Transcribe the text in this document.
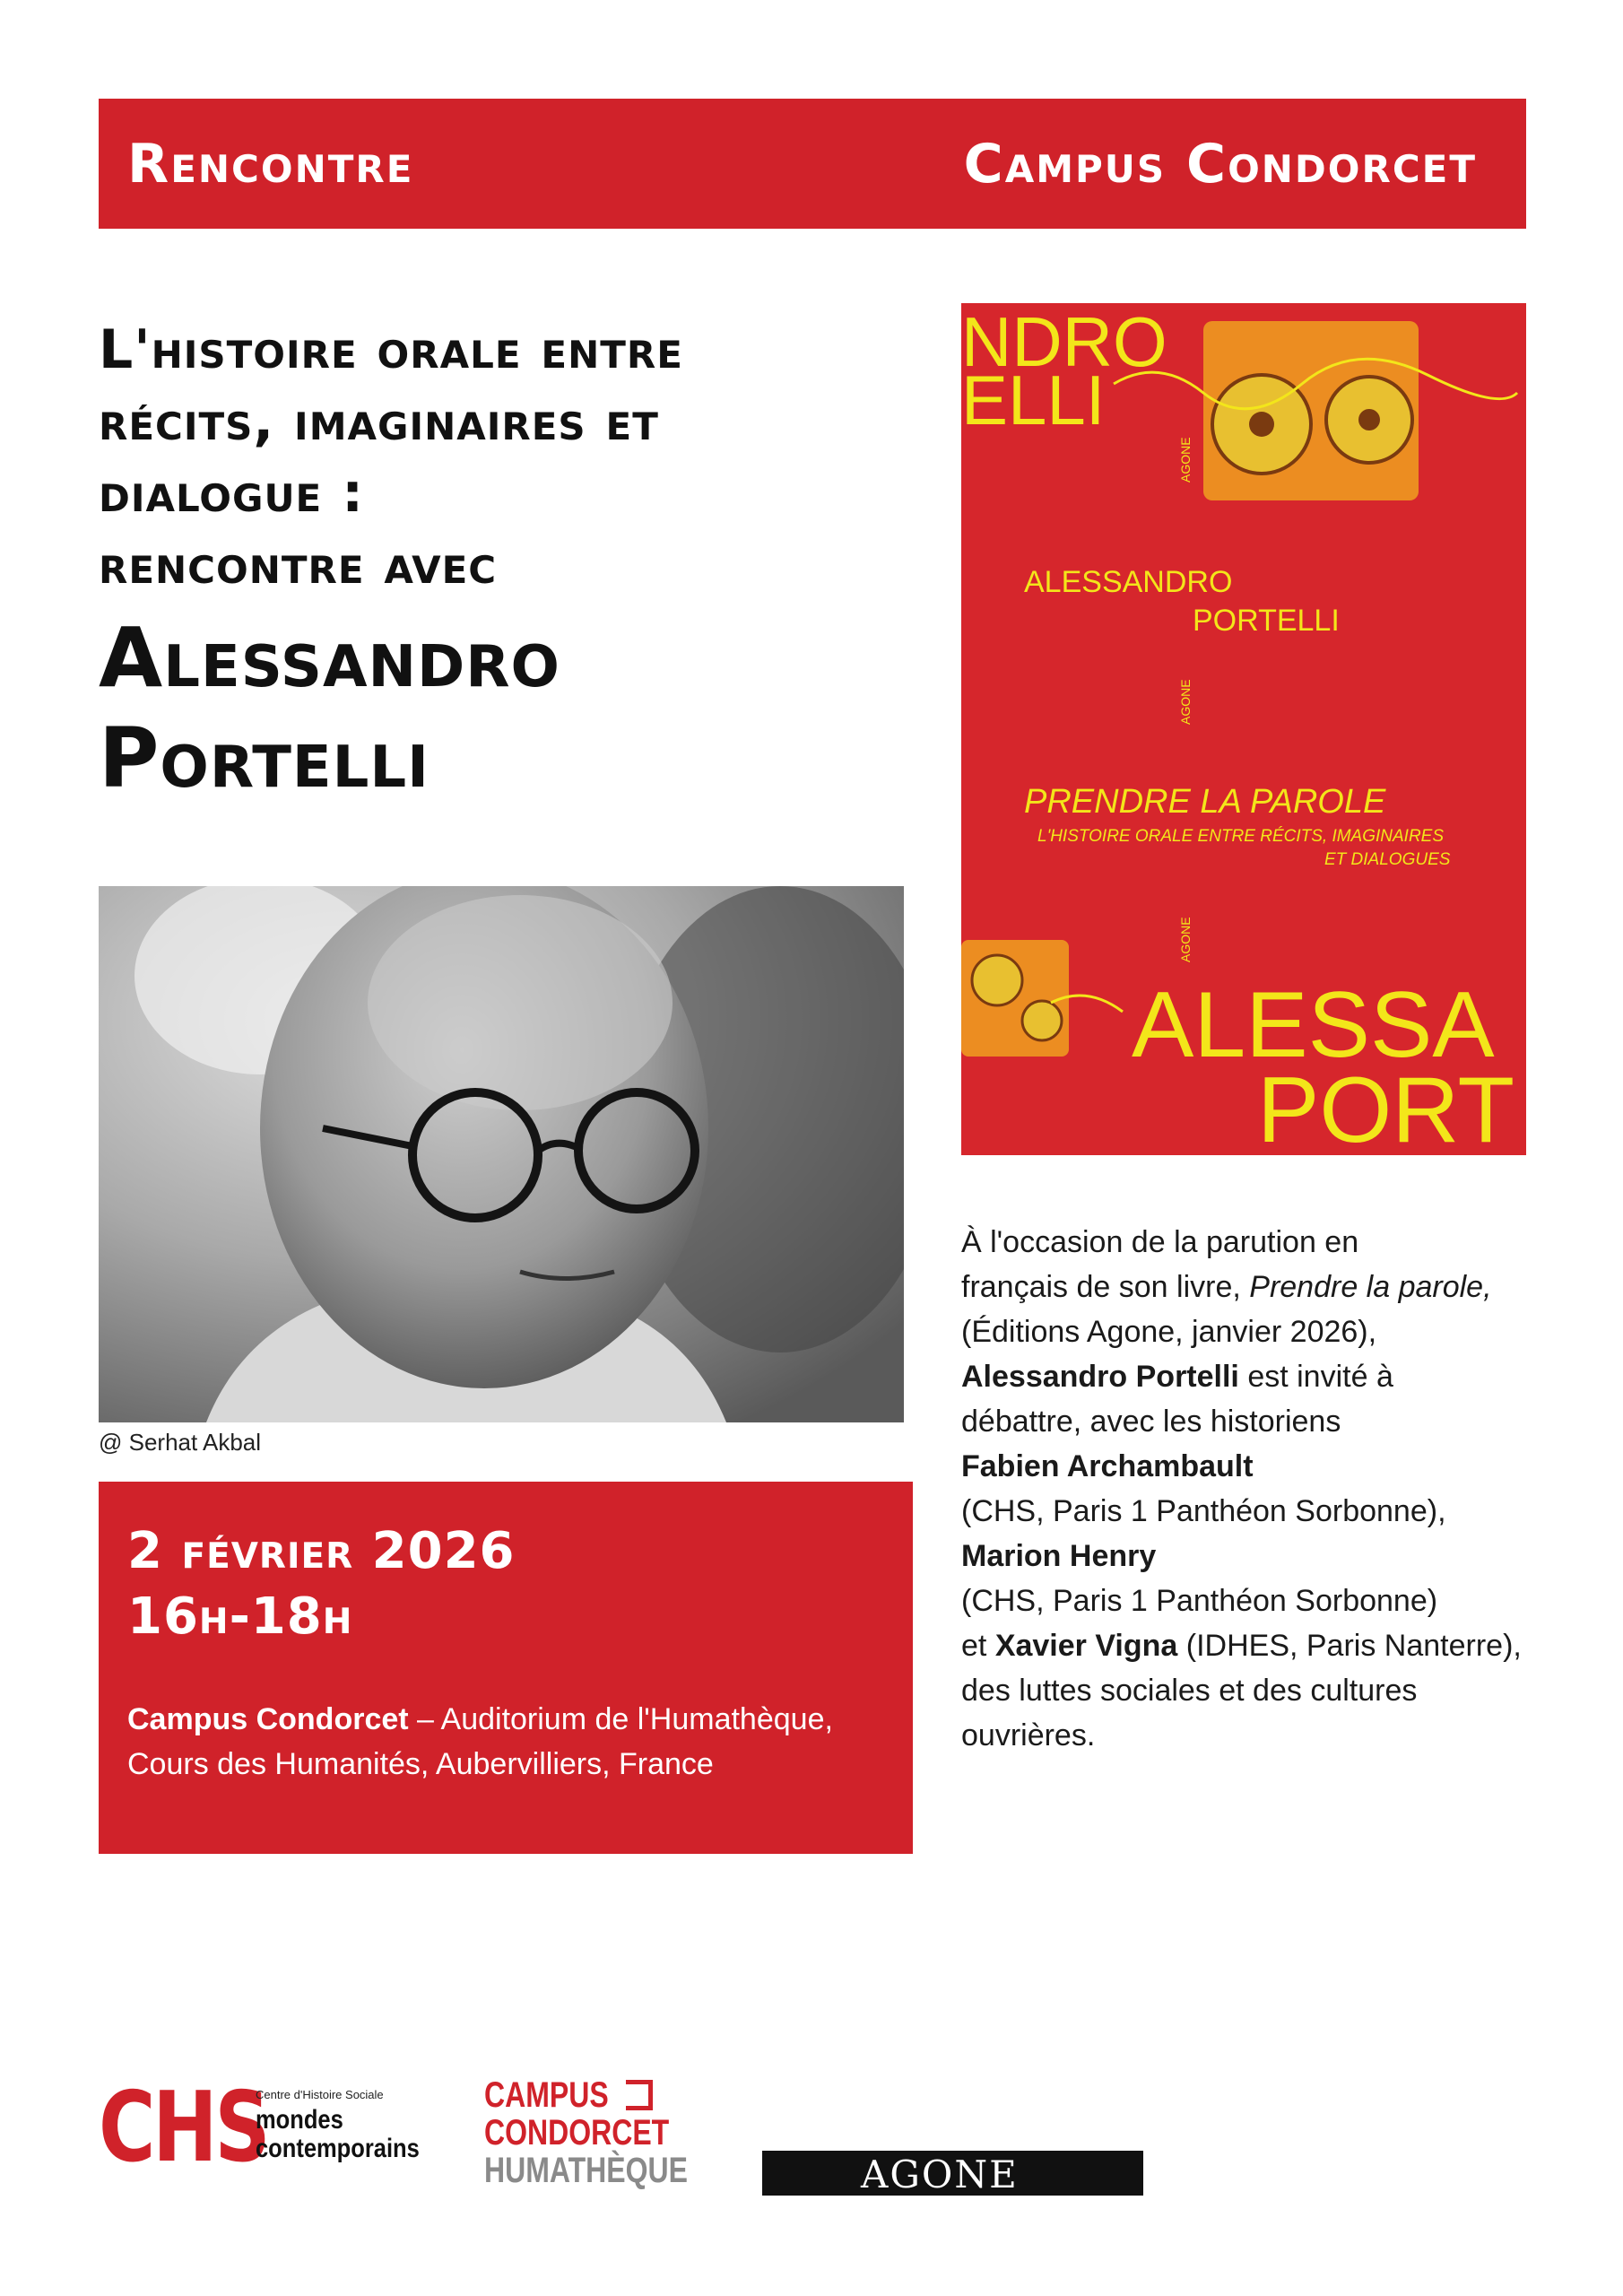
Rencontre	Campus Condorcet
L'histoire orale entre
récits, imaginaires et
dialogue :
rencontre avec
Alessandro
Portelli
@ Serhat Akbal
2 février 2026
16h-18h
Campus Condorcet – Auditorium de l'Humathèque,
Cours des Humanités, Aubervilliers, France
NDRO
ELLI
AGONE
ALESSANDRO
PORTELLI
AGONE
PRENDRE LA PAROLE
L'HISTOIRE ORALE ENTRE RÉCITS, IMAGINAIRES
ET DIALOGUES
AGONE
ALESSA
PORT
À l'occasion de la parution en
français de son livre, Prendre la parole,
(Éditions Agone, janvier 2026),
Alessandro Portelli est invité à
débattre, avec les historiens
Fabien Archambault
(CHS, Paris 1 Panthéon Sorbonne),
Marion Henry
(CHS, Paris 1 Panthéon Sorbonne)
et Xavier Vigna (IDHES, Paris Nanterre),
des luttes sociales et des cultures ouvrières.
CHS
Centre d'Histoire Sociale
mondes
contemporains
CAMPUS
CONDORCET
HUMATHÈQUE	AGONE
